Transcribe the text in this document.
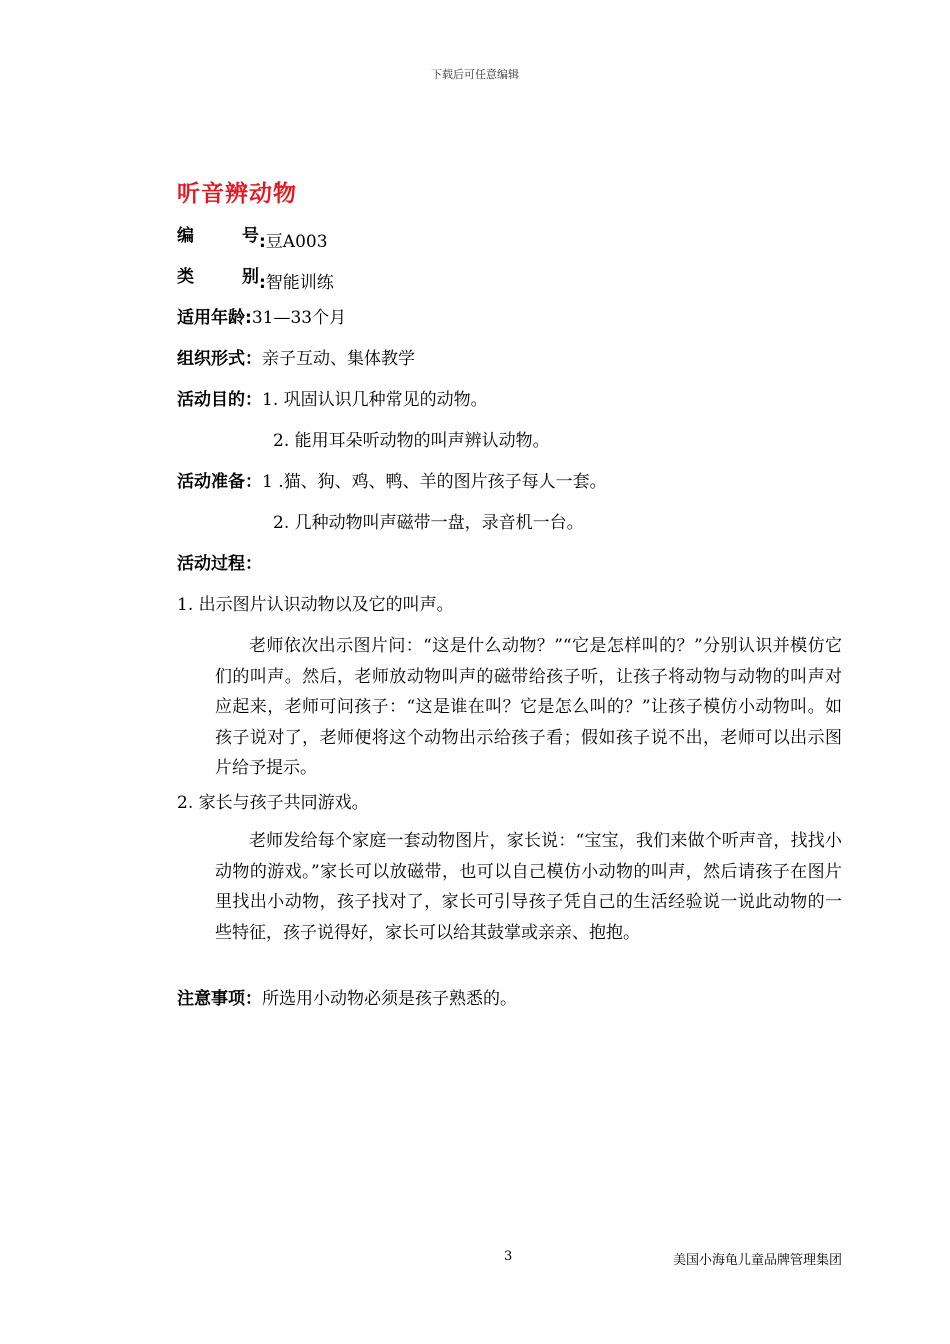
下载后可任意编辑
听音辨动物
编	号 :豆A003
类	别 :智能训练
适用年龄:31—33个月
组织形式：亲子互动、集体教学
活动目的：1. 巩固认识几种常见的动物。
2. 能用耳朵听动物的叫声辨认动物。
活动准备：1 .猫、狗、鸡、鸭、羊的图片孩子每人一套。
2. 几种动物叫声磁带一盘，录音机一台。
活动过程：
1. 出示图片认识动物以及它的叫声。
老师依次出示图片问：“这是什么动物？”“它是怎样叫的？”分别认识并模仿它们的叫声。然后，老师放动物叫声的磁带给孩子听，让孩子将动物与动物的叫声对应起来，老师可问孩子：“这是谁在叫？它是怎么叫的？”让孩子模仿小动物叫。如孩子说对了，老师便将这个动物出示给孩子看；假如孩子说不出，老师可以出示图片给予提示。
2. 家长与孩子共同游戏。
老师发给每个家庭一套动物图片，家长说：“宝宝，我们来做个听声音，找找小动物的游戏。”家长可以放磁带，也可以自己模仿小动物的叫声，然后请孩子在图片里找出小动物，孩子找对了，家长可引导孩子凭自己的生活经验说一说此动物的一些特征，孩子说得好，家长可以给其鼓掌或亲亲、抱抱。
注意事项：所选用小动物必须是孩子熟悉的。
3	美国小海龟儿童品牌管理集团
